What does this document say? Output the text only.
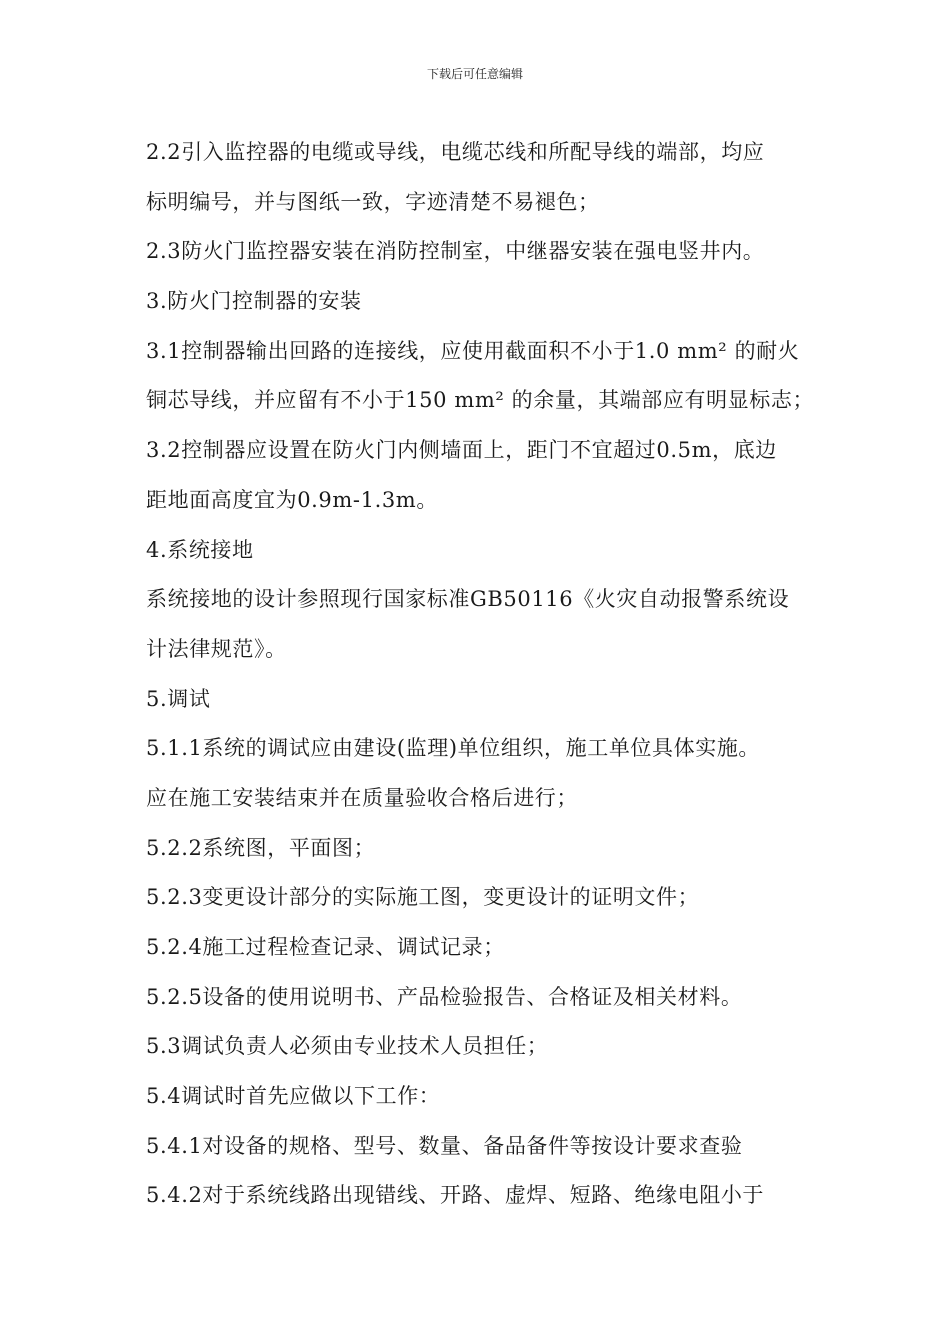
下载后可任意编辑
2.2引入监控器的电缆或导线，电缆芯线和所配导线的端部，均应
标明编号，并与图纸一致，字迹清楚不易褪色；
2.3防火门监控器安装在消防控制室，中继器安装在强电竖井内。
3.防火门控制器的安装
3.1控制器输出回路的连接线，应使用截面积不小于1.0 mm² 的耐火
铜芯导线，并应留有不小于150 mm² 的余量，其端部应有明显标志；
3.2控制器应设置在防火门内侧墙面上，距门不宜超过0.5m，底边
距地面高度宜为0.9m-1.3m。
4.系统接地
系统接地的设计参照现行国家标准GB50116《火灾自动报警系统设
计法律规范》。
5.调试
5.1.1系统的调试应由建设(监理)单位组织，施工单位具体实施。
应在施工安装结束并在质量验收合格后进行；
5.2.2系统图，平面图；
5.2.3变更设计部分的实际施工图，变更设计的证明文件；
5.2.4施工过程检查记录、调试记录；
5.2.5设备的使用说明书、产品检验报告、合格证及相关材料。
5.3调试负责人必须由专业技术人员担任；
5.4调试时首先应做以下工作：
5.4.1对设备的规格、型号、数量、备品备件等按设计要求查验
5.4.2对于系统线路出现错线、开路、虚焊、短路、绝缘电阻小于
